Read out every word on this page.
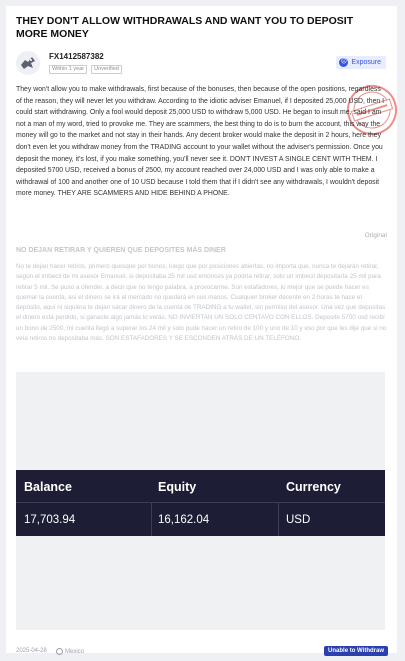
THEY DON'T ALLOW WITHDRAWALS AND WANT YOU TO DEPOSIT MORE MONEY
FX1412587382
Within 1 year	Unverified
☹ Exposure
They won't allow you to make withdrawals, first because of the bonuses, then because of the open positions, regardless of the reason, they will never let you withdraw. According to the idiotic adviser Emanuel, if I deposited 25,000 USD, then I could start withdrawing. Only a fool would deposit 25,000 USD to withdraw 5,000 USD. He began to insult me, said I am not a man of my word, tried to provoke me. They are scammers, the best thing to do is to burn the account, this way the money will go to the market and not stay in their hands. Any decent broker would make the deposit in 2 hours, here they don't even let you withdraw money from the TRADING account to your wallet without the adviser's permission. Once you deposit the money, it's lost, if you make something, you'll never see it. DON'T INVEST A SINGLE CENT WITH THEM. I deposited 5700 USD, received a bonus of 2500, my account reached over 24,000 USD and I was only able to make a withdrawal of 100 and another one of 10 USD because I told them that if I didn't see any withdrawals, I wouldn't deposit more money. THEY ARE SCAMMERS AND HIDE BEHIND A PHONE.
Original
NO DEJAN RETIRAR Y QUIEREN QUE DEPOSITES MÁS DINER
No te dejan hacer retiros, primero quesque por bonos, luego que por posiciones abiertas, no importa que, nunca te dejarán retirar, según el imbecil de mi asesor Emanuel, si depositaba 25 mil usd entonces ya podría retirar, solo un imbecil depositaría 25 mil para retirar 5 mil. Se puso a ofender, a decir que no tengo palabra, a provocarme. Son estafadores, lo mejor que se puede hacer es quemar la cuenta, así el dinero se irá al mercado no quedará en sus manos. Cualquier broker decente en 2 horas te hace el depósito, aquí ni siquiera te dejan sacar dinero de la cuenta de TRADING a tu wallet, sin permiso del asesor. Una vez que depositas el dinero está perdido, si ganaste algo jamás lo verás. NO INVIERTAN UN SOLO CENTAVO CON ELLOS. Deposite 5700 usd recibí un bono de 2500, mi cuenta llegó a superar los 24 mil y solo pude hacer un retiro de 100 y uno de 10 y eso por que les dije que si no veía retiros no depositaba más. SON ESTAFADORES Y SE ESCONDEN ATRÁS DE UN TELÉFONO.
Balance	Equity	Currency
17,703.94	16,162.04	USD
2025-04-28	Mexico	Unable to Withdraw
